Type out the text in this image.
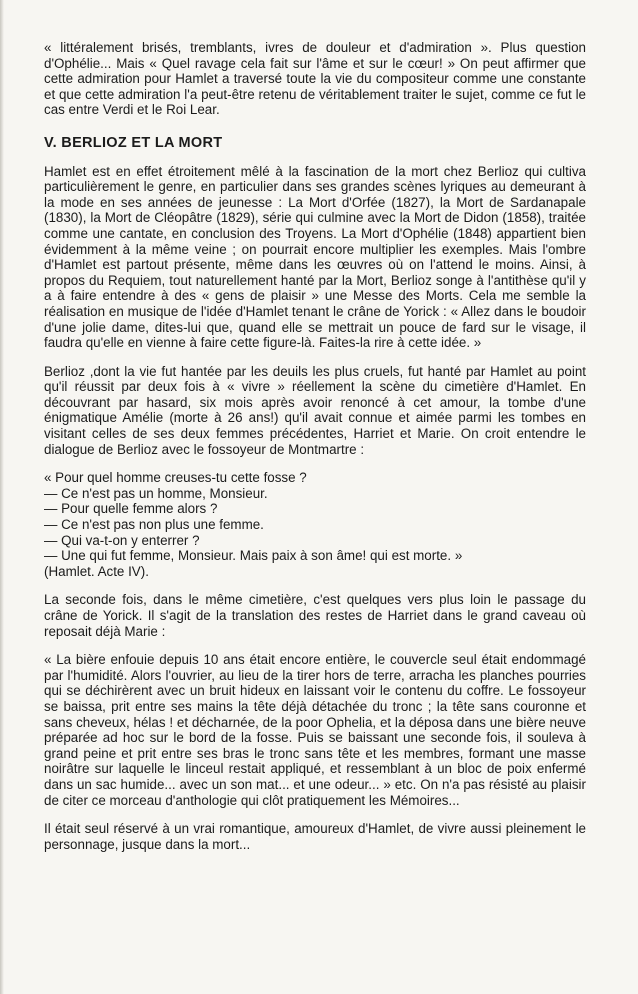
« littéralement brisés, tremblants, ivres de douleur et d'admiration ». Plus question d'Ophélie... Mais « Quel ravage cela fait sur l'âme et sur le cœur! » On peut affirmer que cette admiration pour Hamlet a traversé toute la vie du compositeur comme une constante et que cette admiration l'a peut-être retenu de véritablement traiter le sujet, comme ce fut le cas entre Verdi et le Roi Lear.

V. BERLIOZ ET LA MORT

Hamlet est en effet étroitement mêlé à la fascination de la mort chez Berlioz qui cultiva particulièrement le genre, en particulier dans ses grandes scènes lyriques au demeurant à la mode en ses années de jeunesse : La Mort d'Orfée (1827), la Mort de Sardanapale (1830), la Mort de Cléopâtre (1829), série qui culmine avec la Mort de Didon (1858), traitée comme une cantate, en conclusion des Troyens. La Mort d'Ophélie (1848) appartient bien évidemment à la même veine ; on pourrait encore multiplier les exemples. Mais l'ombre d'Hamlet est partout présente, même dans les œuvres où on l'attend le moins. Ainsi, à propos du Requiem, tout naturellement hanté par la Mort, Berlioz songe à l'antithèse qu'il y a à faire entendre à des « gens de plaisir » une Messe des Morts. Cela me semble la réalisation en musique de l'idée d'Hamlet tenant le crâne de Yorick : « Allez dans le boudoir d'une jolie dame, dites-lui que, quand elle se mettrait un pouce de fard sur le visage, il faudra qu'elle en vienne à faire cette figure-là. Faites-la rire à cette idée. »

Berlioz ,dont la vie fut hantée par les deuils les plus cruels, fut hanté par Hamlet au point qu'il réussit par deux fois à « vivre » réellement la scène du cimetière d'Hamlet. En découvrant par hasard, six mois après avoir renoncé à cet amour, la tombe d'une énigmatique Amélie (morte à 26 ans!) qu'il avait connue et aimée parmi les tombes en visitant celles de ses deux femmes précédentes, Harriet et Marie. On croit entendre le dialogue de Berlioz avec le fossoyeur de Montmartre :

« Pour quel homme creuses-tu cette fosse ?
— Ce n'est pas un homme, Monsieur.
— Pour quelle femme alors ?
— Ce n'est pas non plus une femme.
— Qui va-t-on y enterrer ?
— Une qui fut femme, Monsieur. Mais paix à son âme! qui est morte. »
(Hamlet. Acte IV).

La seconde fois, dans le même cimetière, c'est quelques vers plus loin le passage du crâne de Yorick. Il s'agit de la translation des restes de Harriet dans le grand caveau où reposait déjà Marie :

« La bière enfouie depuis 10 ans était encore entière, le couvercle seul était endommagé par l'humidité. Alors l'ouvrier, au lieu de la tirer hors de terre, arracha les planches pourries qui se déchirèrent avec un bruit hideux en laissant voir le contenu du coffre. Le fossoyeur se baissa, prit entre ses mains la tête déjà détachée du tronc ; la tête sans couronne et sans cheveux, hélas ! et décharnée, de la poor Ophelia, et la déposa dans une bière neuve préparée ad hoc sur le bord de la fosse. Puis se baissant une seconde fois, il souleva à grand peine et prit entre ses bras le tronc sans tête et les membres, formant une masse noirâtre sur laquelle le linceul restait appliqué, et ressemblant à un bloc de poix enfermé dans un sac humide... avec un son mat... et une odeur... » etc. On n'a pas résisté au plaisir de citer ce morceau d'anthologie qui clôt pratiquement les Mémoires...

Il était seul réservé à un vrai romantique, amoureux d'Hamlet, de vivre aussi pleinement le personnage, jusque dans la mort...
